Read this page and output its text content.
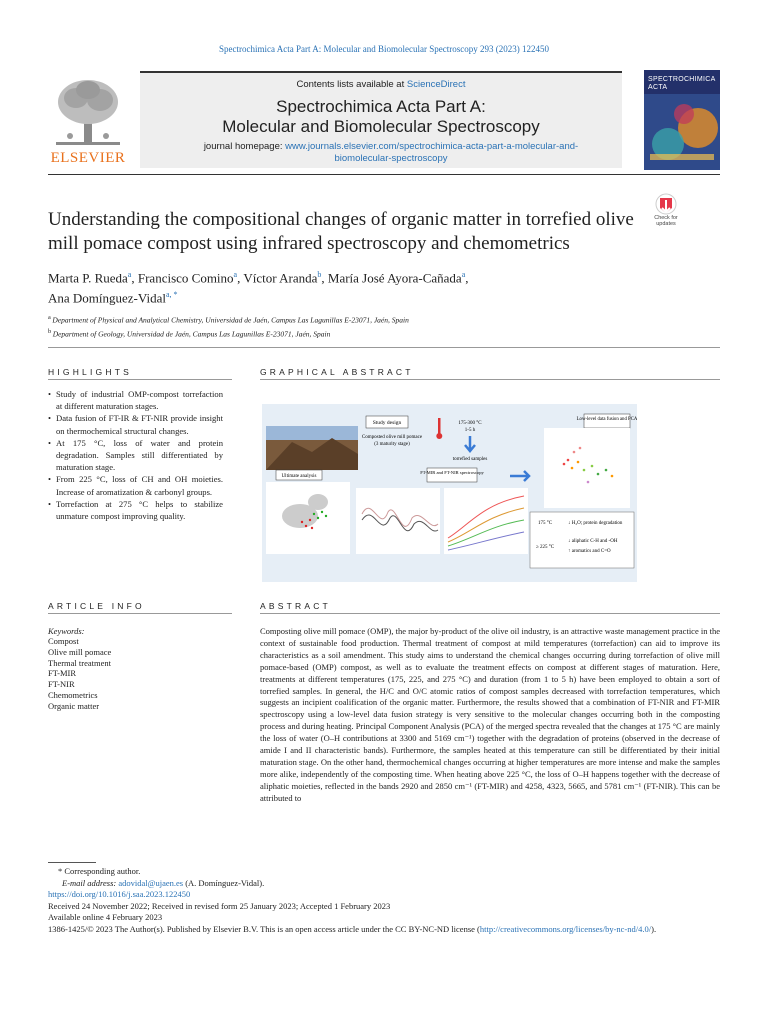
Spectrochimica Acta Part A: Molecular and Biomolecular Spectroscopy 293 (2023) 122450
ELSEVIER
Contents lists available at ScienceDirect
Spectrochimica Acta Part A:
Molecular and Biomolecular Spectroscopy
journal homepage: www.journals.elsevier.com/spectrochimica-acta-part-a-molecular-and-biomolecular-spectroscopy
SPECTROCHIMICA ACTA
Check for updates
Understanding the compositional changes of organic matter in torrefied olive mill pomace compost using infrared spectroscopy and chemometrics
Marta P. Rueda$^a$, Francisco Comino$^a$, Víctor Aranda$^b$, María José Ayora-Cañada$^a$,
Ana Domínguez-Vidal$^{a, *}$
$^a$ Department of Physical and Analytical Chemistry, Universidad de Jaén, Campus Las Lagunillas E-23071, Jaén, Spain
$^b$ Department of Geology, Universidad de Jaén, Campus Las Lagunillas E-23071, Jaén, Spain
HIGHLIGHTS
• Study of industrial OMP-compost torrefaction at different maturation stages.
• Data fusion of FT-IR & FT-NIR provide insight on thermochemical structural changes.
• At 175 °C, loss of water and protein degradation. Samples still differentiated by maturation stage.
• From 225 °C, loss of CH and OH moieties. Increase of aromatization & carbonyl groups.
• Torrefaction at 275 °C helps to stabilize unmature compost improving quality.
GRAPHICAL ABSTRACT
Study design
Composted olive mill pomace
(3 maturity stage)
175-300 °C
1-5 h
torrefied samples
Ultimate analysis
FT-MIR and FT-NIR spectroscopy
Low-level data fusion and PCA
175 °C	↓ H₂O; protein degradation
≥ 225 °C
↓ aliphatic C-H and -OH
↑ aromatics and C=O
ARTICLE INFO
Keywords:
Compost
Olive mill pomace
Thermal treatment
FT-MIR
FT-NIR
Chemometrics
Organic matter
ABSTRACT
Composting olive mill pomace (OMP), the major by-product of the olive oil industry, is an attractive waste management practice in the context of sustainable food production. Thermal treatment of compost at mild temperatures (torrefaction) can aid to improve its characteristics as a soil amendment. This study aims to understand the chemical changes occurring during torrefaction of olive mill pomace-based (OMP) compost, as well as to evaluate the treatment effects on compost at different stages of maturation. Here, treatments at different temperatures (175, 225, and 275 °C) and duration (from 1 to 5 h) have been employed to obtain a sort of torrefied samples. In general, the H/C and O/C atomic ratios of compost samples decreased with torrefaction temperatures, which suggests an incipient coalification of the organic matter. Furthermore, the results showed that a combination of FT-NIR and FT-MIR spectroscopy using a low-level data fusion strategy is very sensitive to the molecular changes occurring both in the composting process and during heating. Principal Component Analysis (PCA) of the merged spectra revealed that the changes at 175 °C are mainly the loss of water (O–H contributions at 3300 and 5169 cm⁻¹) together with the degradation of proteins (observed in the decrease of amide I and II characteristic bands). Furthermore, the samples heated at this temperature can still be differentiated by their initial maturation stage. On the other hand, thermochemical changes occurring at higher temperatures are more intense and make the samples more alike, independently of the composting time. When heating above 225 °C, the loss of O–H happens together with the decrease of aliphatic moieties, reflected in the bands 2920 and 2850 cm⁻¹ (FT-MIR) and 4258, 4323, 5665, and 5781 cm⁻¹ (FT-NIR). This can be attributed to
* Corresponding author.
E-mail address: adovidal@ujaen.es (A. Domínguez-Vidal).
https://doi.org/10.1016/j.saa.2023.122450
Received 24 November 2022; Received in revised form 25 January 2023; Accepted 1 February 2023
Available online 4 February 2023
1386-1425/© 2023 The Author(s). Published by Elsevier B.V. This is an open access article under the CC BY-NC-ND license (http://creativecommons.org/licenses/by-nc-nd/4.0/).
